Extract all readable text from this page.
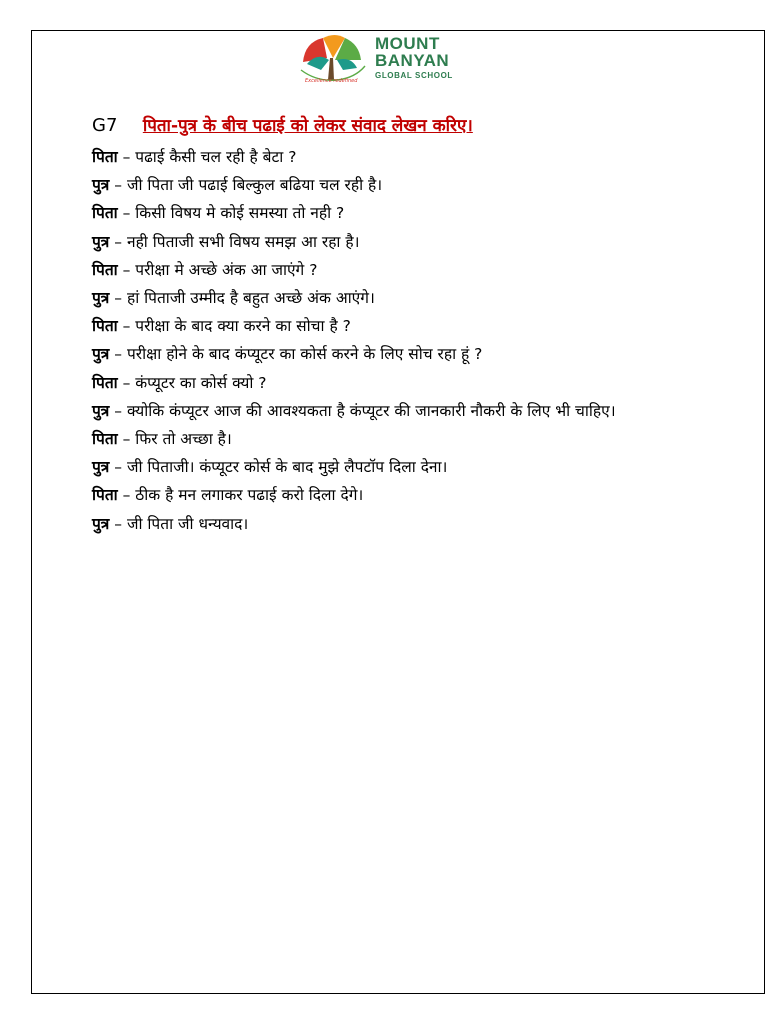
Excellence redefined
MOUNT
BANYAN
GLOBAL SCHOOL
G7 पिता-पुत्र के बीच पढाई को लेकर संवाद लेखन करिए।
पिता – पढाई कैसी चल रही है बेटा ?
पुत्र – जी पिता जी पढाई बिल्कुल बढिया चल रही है।
पिता – किसी विषय मे कोई समस्या तो नही ?
पुत्र – नही पिताजी सभी विषय समझ आ रहा है।
पिता – परीक्षा मे अच्छे अंक आ जाएंगे ?
पुत्र – हां पिताजी उम्मीद है बहुत अच्छे अंक आएंगे।
पिता – परीक्षा के बाद क्या करने का सोचा है ?
पुत्र – परीक्षा होने के बाद कंप्यूटर का कोर्स करने के लिए सोच रहा हूं ?
पिता – कंप्यूटर का कोर्स क्यो ?
पुत्र – क्योकि कंप्यूटर आज की आवश्यकता है कंप्यूटर की जानकारी नौकरी के लिए भी चाहिए।
पिता – फिर तो अच्छा है।
पुत्र – जी पिताजी। कंप्यूटर कोर्स के बाद मुझे लैपटॉप दिला देना।
पिता – ठीक है मन लगाकर पढाई करो दिला देगे।
पुत्र – जी पिता जी धन्यवाद।
